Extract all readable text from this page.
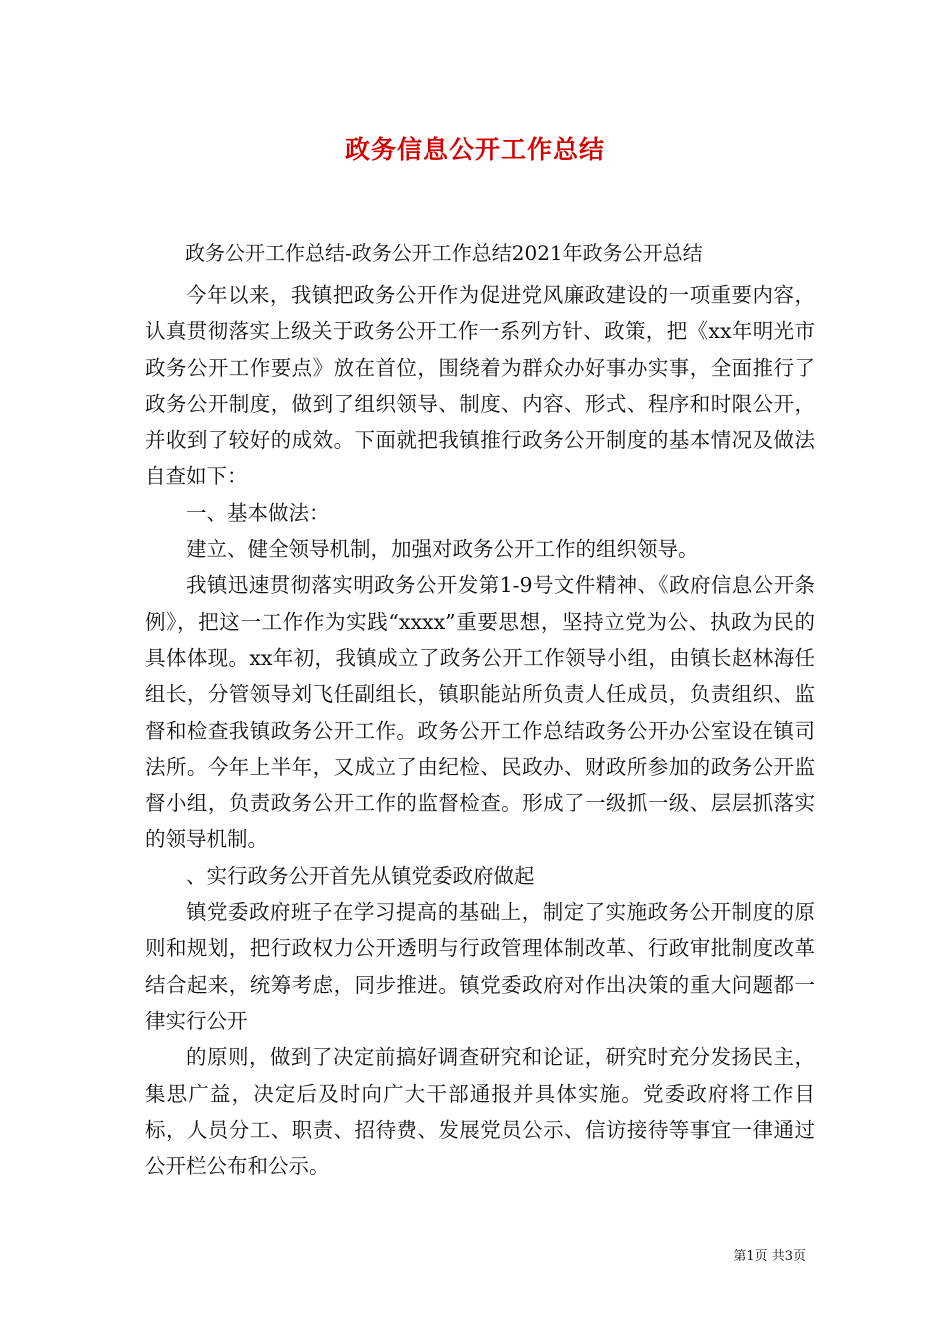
政务信息公开工作总结
政务公开工作总结-政务公开工作总结2021年政务公开总结

今年以来，我镇把政务公开作为促进党风廉政建设的一项重要内容，认真贯彻落实上级关于政务公开工作一系列方针、政策，把《xx年明光市政务公开工作要点》放在首位，围绕着为群众办好事办实事，全面推行了政务公开制度，做到了组织领导、制度、内容、形式、程序和时限公开，并收到了较好的成效。下面就把我镇推行政务公开制度的基本情况及做法自查如下：

一、基本做法：

建立、健全领导机制，加强对政务公开工作的组织领导。

我镇迅速贯彻落实明政务公开发第1-9号文件精神、《政府信息公开条例》，把这一工作作为实践“xxxx”重要思想，坚持立党为公、执政为民的具体体现。xx年初，我镇成立了政务公开工作领导小组，由镇长赵林海任组长，分管领导刘飞任副组长，镇职能站所负责人任成员，负责组织、监督和检查我镇政务公开工作。政务公开工作总结政务公开办公室设在镇司法所。今年上半年，又成立了由纪检、民政办、财政所参加的政务公开监督小组，负责政务公开工作的监督检查。形成了一级抓一级、层层抓落实的领导机制。

、实行政务公开首先从镇党委政府做起

镇党委政府班子在学习提高的基础上，制定了实施政务公开制度的原则和规划，把行政权力公开透明与行政管理体制改革、行政审批制度改革结合起来，统筹考虑，同步推进。镇党委政府对作出决策的重大问题都一律实行公开

的原则，做到了决定前搞好调查研究和论证，研究时充分发扬民主，集思广益，决定后及时向广大干部通报并具体实施。党委政府将工作目标，人员分工、职责、招待费、发展党员公示、信访接待等事宜一律通过公开栏公布和公示。

第1页 共3页
